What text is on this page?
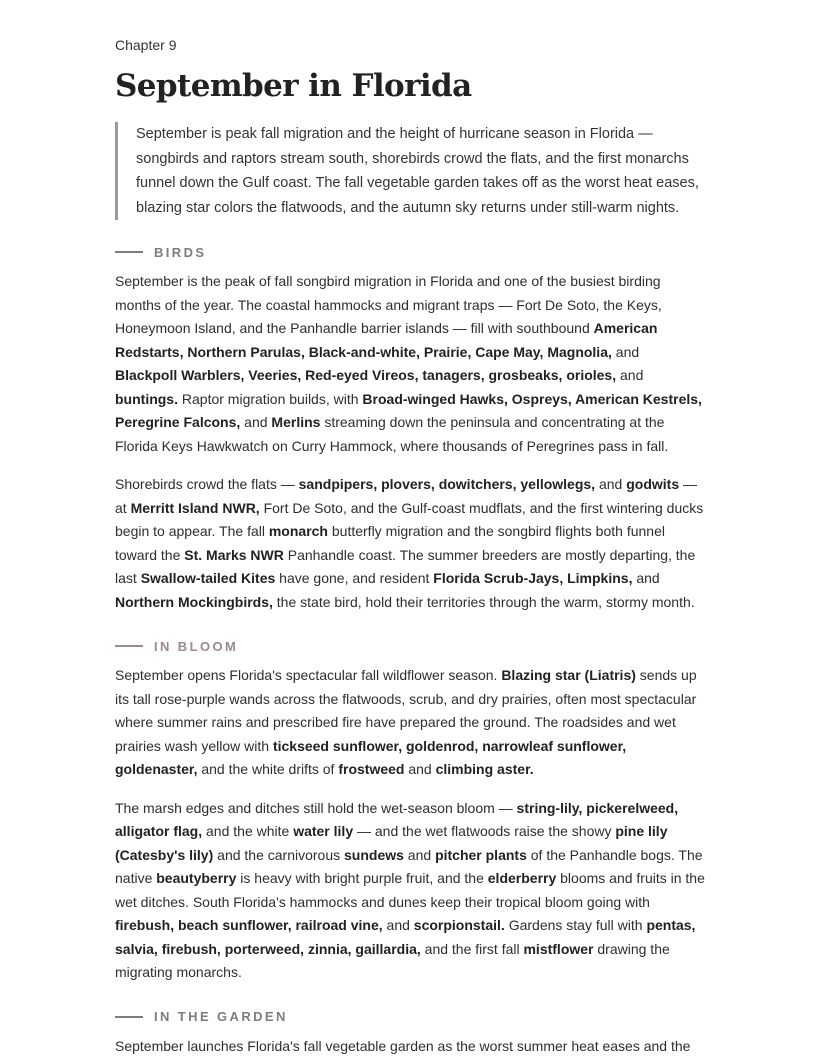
Chapter 9
September in Florida
September is peak fall migration and the height of hurricane season in Florida — songbirds and raptors stream south, shorebirds crowd the flats, and the first monarchs funnel down the Gulf coast. The fall vegetable garden takes off as the worst heat eases, blazing star colors the flatwoods, and the autumn sky returns under still-warm nights.
BIRDS

September is the peak of fall songbird migration in Florida and one of the busiest birding months of the year. The coastal hammocks and migrant traps — Fort De Soto, the Keys, Honeymoon Island, and the Panhandle barrier islands — fill with southbound American Redstarts, Northern Parulas, Black-and-white, Prairie, Cape May, Magnolia, and Blackpoll Warblers, Veeries, Red-eyed Vireos, tanagers, grosbeaks, orioles, and buntings. Raptor migration builds, with Broad-winged Hawks, Ospreys, American Kestrels, Peregrine Falcons, and Merlins streaming down the peninsula and concentrating at the Florida Keys Hawkwatch on Curry Hammock, where thousands of Peregrines pass in fall.

Shorebirds crowd the flats — sandpipers, plovers, dowitchers, yellowlegs, and godwits — at Merritt Island NWR, Fort De Soto, and the Gulf-coast mudflats, and the first wintering ducks begin to appear. The fall monarch butterfly migration and the songbird flights both funnel toward the St. Marks NWR Panhandle coast. The summer breeders are mostly departing, the last Swallow-tailed Kites have gone, and resident Florida Scrub-Jays, Limpkins, and Northern Mockingbirds, the state bird, hold their territories through the warm, stormy month.

IN BLOOM

September opens Florida's spectacular fall wildflower season. Blazing star (Liatris) sends up its tall rose-purple wands across the flatwoods, scrub, and dry prairies, often most spectacular where summer rains and prescribed fire have prepared the ground. The roadsides and wet prairies wash yellow with tickseed sunflower, goldenrod, narrowleaf sunflower, goldenaster, and the white drifts of frostweed and climbing aster.

The marsh edges and ditches still hold the wet-season bloom — string-lily, pickerelweed, alligator flag, and the white water lily — and the wet flatwoods raise the showy pine lily (Catesby's lily) and the carnivorous sundews and pitcher plants of the Panhandle bogs. The native beautyberry is heavy with bright purple fruit, and the elderberry blooms and fruits in the wet ditches. South Florida's hammocks and dunes keep their tropical bloom going with firebush, beach sunflower, railroad vine, and scorpionstail. Gardens stay full with pentas, salvia, firebush, porterweed, zinnia, gaillardia, and the first fall mistflower drawing the migrating monarchs.

IN THE GARDEN

September launches Florida's fall vegetable garden as the worst summer heat eases and the
